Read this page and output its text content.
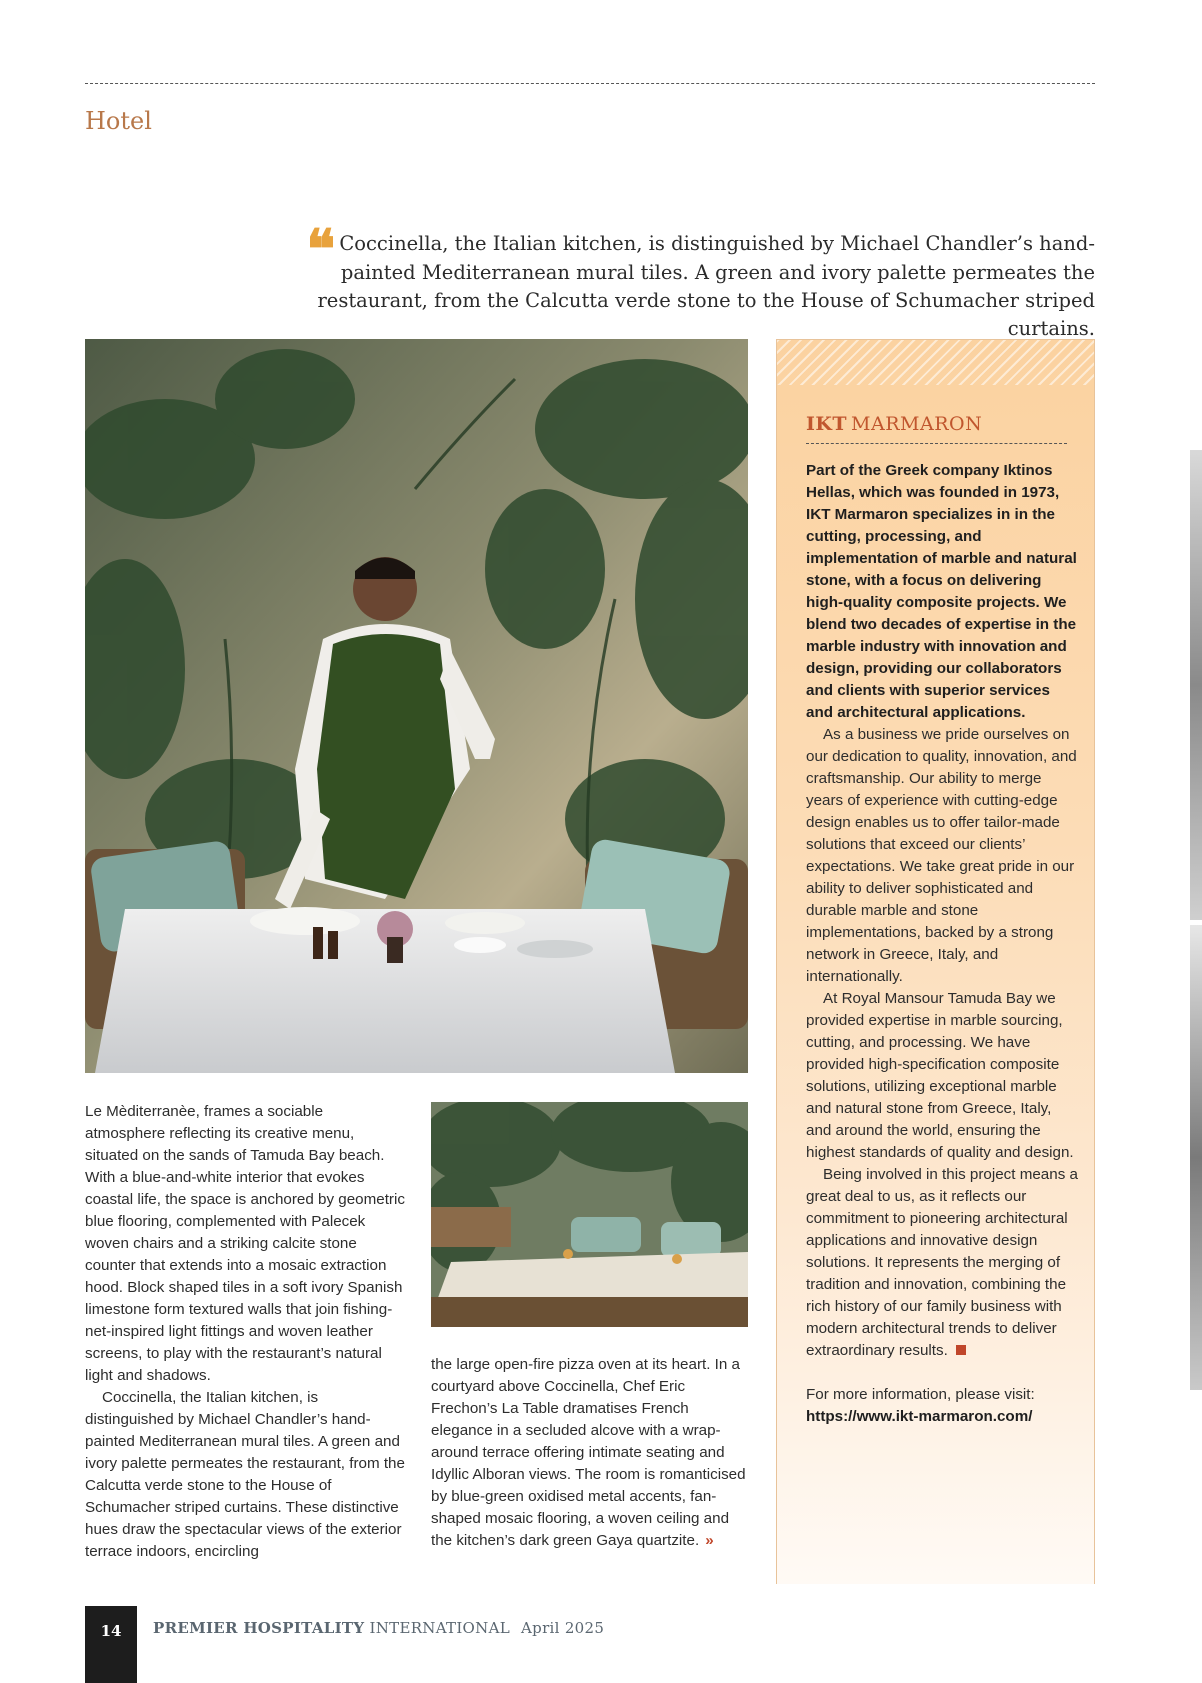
Hotel
❝ Coccinella, the Italian kitchen, is distinguished by Michael Chandler’s hand-painted Mediterranean mural tiles. A green and ivory palette permeates the restaurant, from the Calcutta verde stone to the House of Schumacher striped curtains.

Le Mèditerranèe, frames a sociable atmosphere reflecting its creative menu, situated on the sands of Tamuda Bay beach. With a blue-and-white interior that evokes coastal life, the space is anchored by geometric blue flooring, complemented with Palecek woven chairs and a striking calcite stone counter that extends into a mosaic extraction hood. Block shaped tiles in a soft ivory Spanish limestone form textured walls that join fishing-net-inspired light fittings and woven leather screens, to play with the restaurant’s natural light and shadows.

Coccinella, the Italian kitchen, is distinguished by Michael Chandler’s hand-painted Mediterranean mural tiles. A green and ivory palette permeates the restaurant, from the Calcutta verde stone to the House of Schumacher striped curtains. These distinctive hues draw the spectacular views of the exterior terrace indoors, encircling

the large open-fire pizza oven at its heart. In a courtyard above Coccinella, Chef Eric Frechon’s La Table dramatises French elegance in a secluded alcove with a wrap-around terrace offering intimate seating and Idyllic Alboran views. The room is romanticised by blue-green oxidised metal accents, fan-shaped mosaic flooring, a woven ceiling and the kitchen’s dark green Gaya quartzite. »

IKT MARMARON

Part of the Greek company Iktinos Hellas, which was founded in 1973, IKT Marmaron specializes in in the cutting, processing, and implementation of marble and natural stone, with a focus on delivering high-quality composite projects. We blend two decades of expertise in the marble industry with innovation and design, providing our collaborators and clients with superior services and architectural applications.

As a business we pride ourselves on our dedication to quality, innovation, and craftsmanship. Our ability to merge years of experience with cutting-edge design enables us to offer tailor-made solutions that exceed our clients’ expectations. We take great pride in our ability to deliver sophisticated and durable marble and stone implementations, backed by a strong network in Greece, Italy, and internationally.

At Royal Mansour Tamuda Bay we provided expertise in marble sourcing, cutting, and processing. We have provided high-specification composite solutions, utilizing exceptional marble and natural stone from Greece, Italy, and around the world, ensuring the highest standards of quality and design.

Being involved in this project means a great deal to us, as it reflects our commitment to pioneering architectural applications and innovative design solutions. It represents the merging of tradition and innovation, combining the rich history of our family business with modern architectural trends to deliver extraordinary results.

For more information, please visit:

https://www.ikt-marmaron.com/

14	PREMIER HOSPITALITY INTERNATIONAL April 2025
